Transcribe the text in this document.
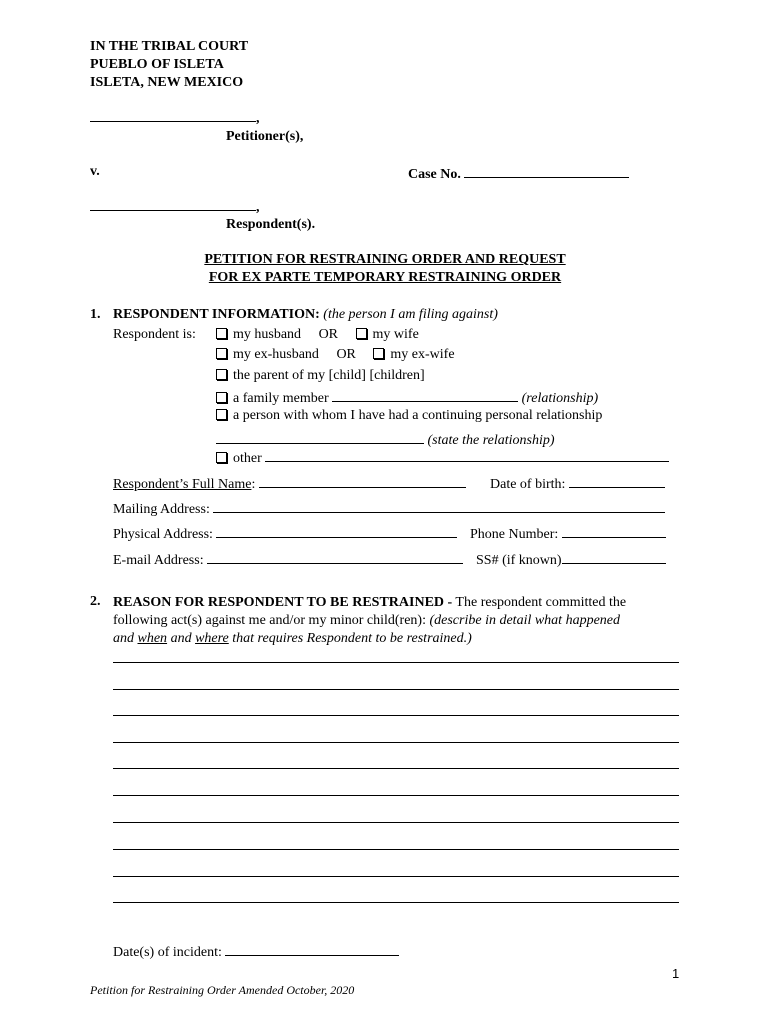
IN THE TRIBAL COURT
PUEBLO OF ISLETA
ISLETA, NEW MEXICO
,
Petitioner(s),
v.	Case No.
,
Respondent(s).
PETITION FOR RESTRAINING ORDER AND REQUEST
FOR EX PARTE TEMPORARY RESTRAINING ORDER
1. RESPONDENT INFORMATION: (the person I am filing against)
Respondent is:	my husband OR my wife
my ex-husband OR my ex-wife
the parent of my [child] [children]
a family member	(relationship)
a person with whom I have had a continuing personal relationship
(state the relationship)
other
Respondent’s Full Name:	Date of birth:
Mailing Address:
Physical Address:	Phone Number:
E-mail Address:	SS# (if known)
2. REASON FOR RESPONDENT TO BE RESTRAINED - The respondent committed the
following act(s) against me and/or my minor child(ren): (describe in detail what happened
and when and where that requires Respondent to be restrained.)
Date(s) of incident:
1
Petition for Restraining Order Amended October, 2020
